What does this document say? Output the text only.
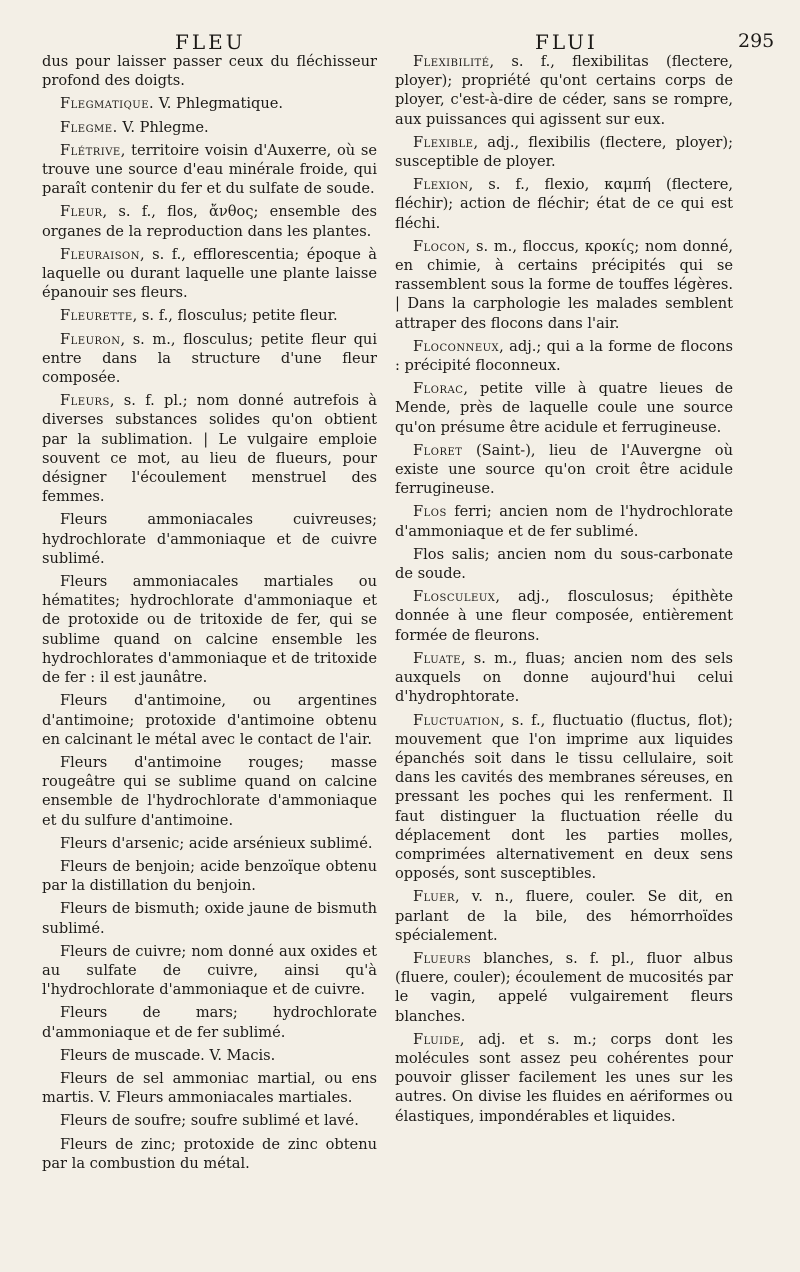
FLEU	FLUI	295

dus pour laisser passer ceux du fléchisseur profond des doigts.

Flegmatique. V. Phlegmatique.

Flegme. V. Phlegme.

Flétrive, territoire voisin d'Auxerre, où se trouve une source d'eau minérale froide, qui paraît contenir du fer et du sulfate de soude.

Fleur, s. f., flos, ἄνθος; ensemble des organes de la reproduction dans les plantes.

Fleuraison, s. f., efflorescentia; époque à laquelle ou durant laquelle une plante laisse épanouir ses fleurs.

Fleurette, s. f., flosculus; petite fleur.

Fleuron, s. m., flosculus; petite fleur qui entre dans la structure d'une fleur composée.

Fleurs, s. f. pl.; nom donné autrefois à diverses substances solides qu'on obtient par la sublimation. | Le vulgaire emploie souvent ce mot, au lieu de flueurs, pour désigner l'écoulement menstruel des femmes.

Fleurs ammoniacales cuivreuses; hydrochlorate d'ammoniaque et de cuivre sublimé.

Fleurs ammoniacales martiales ou hématites; hydrochlorate d'ammoniaque et de protoxide ou de tritoxide de fer, qui se sublime quand on calcine ensemble les hydrochlorates d'ammoniaque et de tritoxide de fer : il est jaunâtre.

Fleurs d'antimoine, ou argentines d'antimoine; protoxide d'antimoine obtenu en calcinant le métal avec le contact de l'air.

Fleurs d'antimoine rouges; masse rougeâtre qui se sublime quand on calcine ensemble de l'hydrochlorate d'ammoniaque et du sulfure d'antimoine.

Fleurs d'arsenic; acide arsénieux sublimé.

Fleurs de benjoin; acide benzoïque obtenu par la distillation du benjoin.

Fleurs de bismuth; oxide jaune de bismuth sublimé.

Fleurs de cuivre; nom donné aux oxides et au sulfate de cuivre, ainsi qu'à l'hydrochlorate d'ammoniaque et de cuivre.

Fleurs de mars; hydrochlorate d'ammoniaque et de fer sublimé.

Fleurs de muscade. V. Macis.

Fleurs de sel ammoniac martial, ou ens martis. V. Fleurs ammoniacales martiales.

Fleurs de soufre; soufre sublimé et lavé.

Fleurs de zinc; protoxide de zinc obtenu par la combustion du métal.

Flexibilité, s. f., flexibilitas (flectere, ployer); propriété qu'ont certains corps de ployer, c'est-à-dire de céder, sans se rompre, aux puissances qui agissent sur eux.

Flexible, adj., flexibilis (flectere, ployer); susceptible de ployer.

Flexion, s. f., flexio, καμπή (flectere, fléchir); action de fléchir; état de ce qui est fléchi.

Flocon, s. m., floccus, κροκίς; nom donné, en chimie, à certains précipités qui se rassemblent sous la forme de touffes légères. | Dans la carphologie les malades semblent attraper des flocons dans l'air.

Floconneux, adj.; qui a la forme de flocons : précipité floconneux.

Florac, petite ville à quatre lieues de Mende, près de laquelle coule une source qu'on présume être acidule et ferrugineuse.

Floret (Saint-), lieu de l'Auvergne où existe une source qu'on croit être acidule ferrugineuse.

Flos ferri; ancien nom de l'hydrochlorate d'ammoniaque et de fer sublimé.

Flos salis; ancien nom du sous-carbonate de soude.

Flosculeux, adj., flosculosus; épithète donnée à une fleur composée, entièrement formée de fleurons.

Fluate, s. m., fluas; ancien nom des sels auxquels on donne aujourd'hui celui d'hydrophtorate.

Fluctuation, s. f., fluctuatio (fluctus, flot); mouvement que l'on imprime aux liquides épanchés soit dans le tissu cellulaire, soit dans les cavités des membranes séreuses, en pressant les poches qui les renferment. Il faut distinguer la fluctuation réelle du déplacement dont les parties molles, comprimées alternativement en deux sens opposés, sont susceptibles.

Fluer, v. n., fluere, couler. Se dit, en parlant de la bile, des hémorrhoïdes spécialement.

Flueurs blanches, s. f. pl., fluor albus (fluere, couler); écoulement de mucosités par le vagin, appelé vulgairement fleurs blanches.

Fluide, adj. et s. m.; corps dont les molécules sont assez peu cohérentes pour pouvoir glisser facilement les unes sur les autres. On divise les fluides en aériformes ou élastiques, impondérables et liquides.
